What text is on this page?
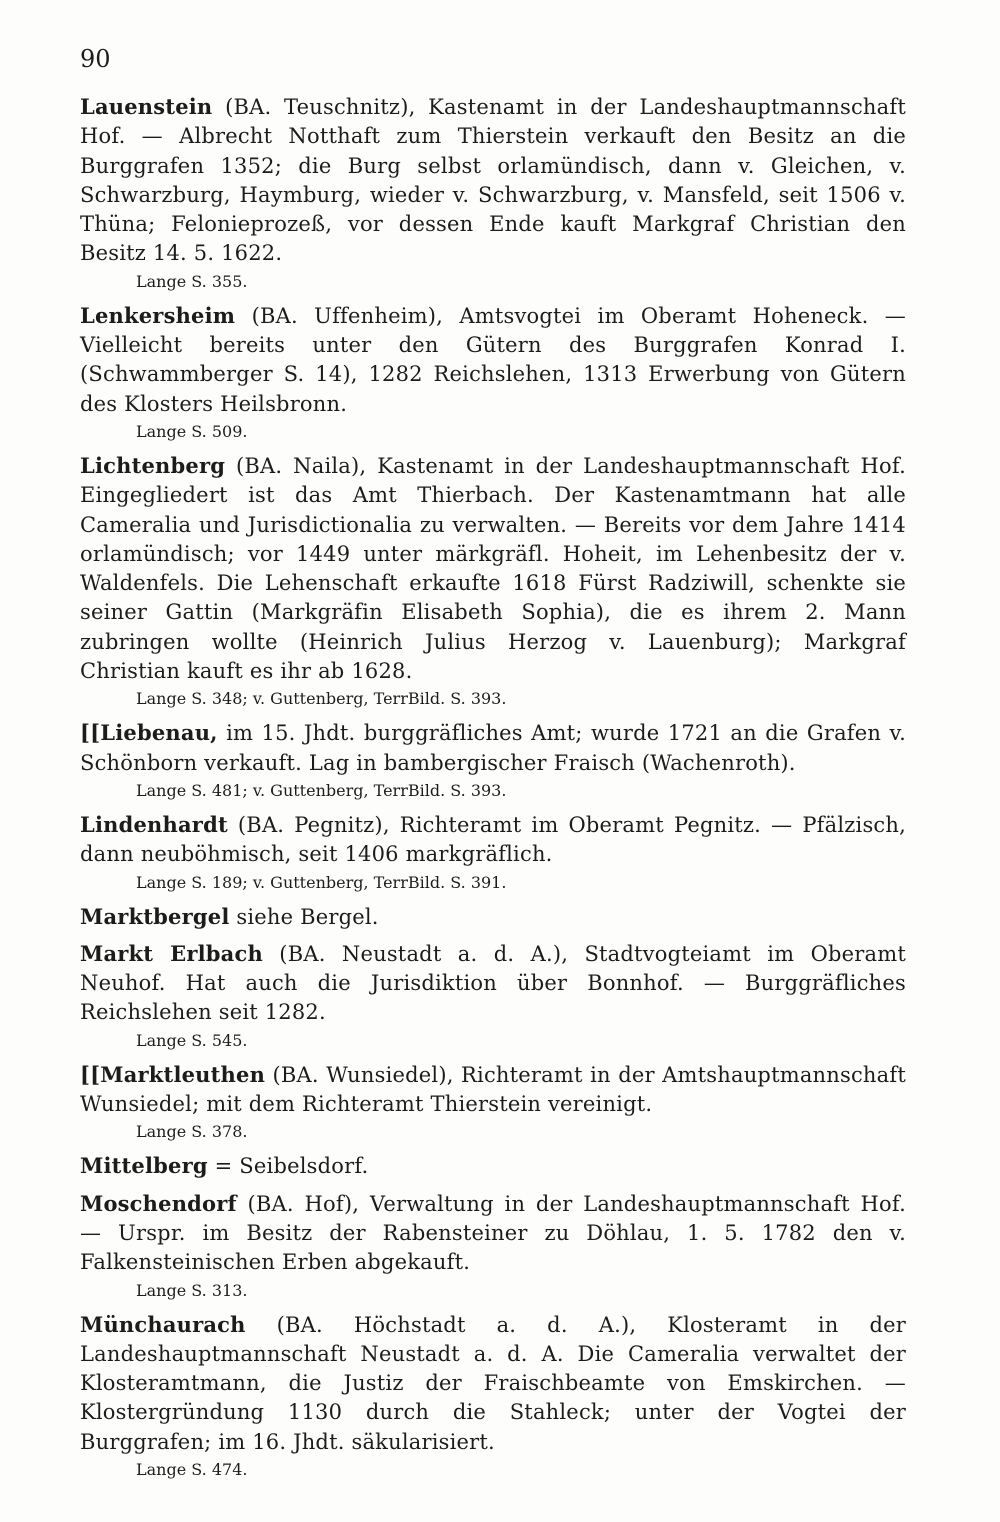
90

Lauenstein (BA. Teuschnitz), Kastenamt in der Landeshauptmannschaft Hof. — Albrecht Notthaft zum Thierstein verkauft den Besitz an die Burggrafen 1352; die Burg selbst orlamündisch, dann v. Gleichen, v. Schwarzburg, Haymburg, wieder v. Schwarzburg, v. Mansfeld, seit 1506 v. Thüna; Felonieprozeß, vor dessen Ende kauft Markgraf Christian den Besitz 14. 5. 1622.

Lange S. 355.

Lenkersheim (BA. Uffenheim), Amtsvogtei im Oberamt Hoheneck. — Vielleicht bereits unter den Gütern des Burggrafen Konrad I. (Schwammberger S. 14), 1282 Reichslehen, 1313 Erwerbung von Gütern des Klosters Heilsbronn.

Lange S. 509.

Lichtenberg (BA. Naila), Kastenamt in der Landeshauptmannschaft Hof. Eingegliedert ist das Amt Thierbach. Der Kastenamtmann hat alle Cameralia und Jurisdictionalia zu verwalten. — Bereits vor dem Jahre 1414 orlamündisch; vor 1449 unter märkgräfl. Hoheit, im Lehenbesitz der v. Waldenfels. Die Lehenschaft erkaufte 1618 Fürst Radziwill, schenkte sie seiner Gattin (Markgräfin Elisabeth Sophia), die es ihrem 2. Mann zubringen wollte (Heinrich Julius Herzog v. Lauenburg); Markgraf Christian kauft es ihr ab 1628.

Lange S. 348; v. Guttenberg, TerrBild. S. 393.

[[Liebenau, im 15. Jhdt. burggräfliches Amt; wurde 1721 an die Grafen v. Schönborn verkauft. Lag in bambergischer Fraisch (Wachenroth).

Lange S. 481; v. Guttenberg, TerrBild. S. 393.

Lindenhardt (BA. Pegnitz), Richteramt im Oberamt Pegnitz. — Pfälzisch, dann neuböhmisch, seit 1406 markgräflich.

Lange S. 189; v. Guttenberg, TerrBild. S. 391.

Marktbergel siehe Bergel.

Markt Erlbach (BA. Neustadt a. d. A.), Stadtvogteiamt im Oberamt Neuhof. Hat auch die Jurisdiktion über Bonnhof. — Burggräfliches Reichslehen seit 1282.

Lange S. 545.

[[Marktleuthen (BA. Wunsiedel), Richteramt in der Amtshauptmannschaft Wunsiedel; mit dem Richteramt Thierstein vereinigt.

Lange S. 378.

Mittelberg = Seibelsdorf.

Moschendorf (BA. Hof), Verwaltung in der Landeshauptmannschaft Hof. — Urspr. im Besitz der Rabensteiner zu Döhlau, 1. 5. 1782 den v. Falkensteinischen Erben abgekauft.

Lange S. 313.

Münchaurach (BA. Höchstadt a. d. A.), Klosteramt in der Landeshauptmannschaft Neustadt a. d. A. Die Cameralia verwaltet der Klosteramtmann, die Justiz der Fraischbeamte von Emskirchen. — Klostergründung 1130 durch die Stahleck; unter der Vogtei der Burggrafen; im 16. Jhdt. säkularisiert.

Lange S. 474.
